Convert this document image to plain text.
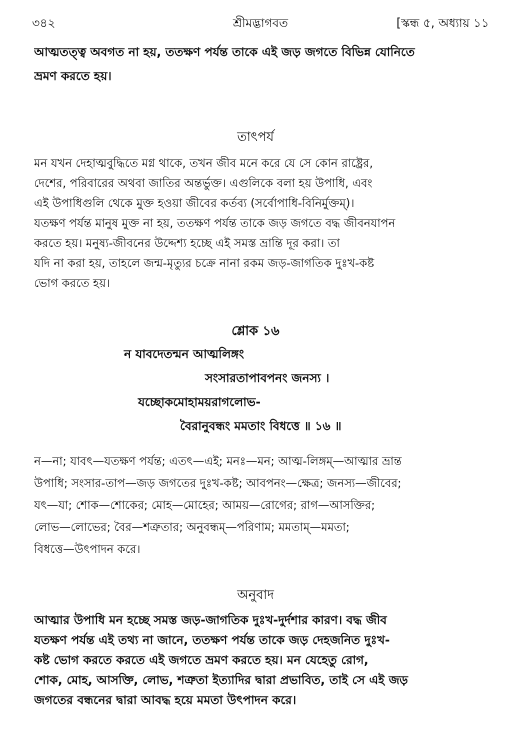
৩৪২	শ্রীমদ্ভাগবত	[স্কন্ধ ৫, অধ্যায় ১১
আত্মতত্ত্ব অবগত না হয়, ততক্ষণ পর্যন্ত তাকে এই জড় জগতে বিভিন্ন যোনিতে
ভ্রমণ করতে হয়।
তাৎপর্য
মন যখন দেহাত্মবুদ্ধিতে মগ্ন থাকে, তখন জীব মনে করে যে সে কোন রাষ্ট্রের,
দেশের, পরিবারের অথবা জাতির অন্তর্ভুক্ত। এগুলিকে বলা হয় উপাধি, এবং
এই উপাধিগুলি থেকে মুক্ত হওয়া জীবের কর্তব্য (সর্বোপাধি-বিনির্মুক্তম্)।
যতক্ষণ পর্যন্ত মানুষ মুক্ত না হয়, ততক্ষণ পর্যন্ত তাকে জড় জগতে বদ্ধ জীবনযাপন
করতে হয়। মনুষ্য-জীবনের উদ্দেশ্য হচ্ছে এই সমস্ত ভ্রান্তি দূর করা। তা
যদি না করা হয়, তাহলে জন্ম-মৃত্যুর চক্রে নানা রকম জড়-জাগতিক দুঃখ-কষ্ট
ভোগ করতে হয়।
শ্লোক ১৬
ন যাবদেতন্মন আত্মলিঙ্গং
সংসারতাপাবপনং জনস্য ।
যচ্ছোকমোহাময়রাগলোভ-
বৈরানুবন্ধং মমতাং বিধত্তে ॥ ১৬ ॥
ন—না; যাবৎ—যতক্ষণ পর্যন্ত; এতৎ—এই; মনঃ—মন; আত্ম-লিঙ্গম্—আত্মার ভ্রান্ত
উপাধি; সংসার-তাপ—জড় জগতের দুঃখ-কষ্ট; আবপনং—ক্ষেত্র; জনস্য—জীবের;
যৎ—যা; শোক—শোকের; মোহ—মোহের; আময়—রোগের; রাগ—আসক্তির;
লোভ—লোভের; বৈর—শত্রুতার; অনুবন্ধম্—পরিণাম; মমতাম্—মমতা;
বিধত্তে—উৎপাদন করে।
অনুবাদ
আত্মার উপাধি মন হচ্ছে সমস্ত জড়-জাগতিক দুঃখ-দুর্দশার কারণ। বদ্ধ জীব
যতক্ষণ পর্যন্ত এই তথ্য না জানে, ততক্ষণ পর্যন্ত তাকে জড় দেহজনিত দুঃখ-
কষ্ট ভোগ করতে করতে এই জগতে ভ্রমণ করতে হয়। মন যেহেতু রোগ,
শোক, মোহ, আসক্তি, লোভ, শত্রুতা ইত্যাদির দ্বারা প্রভাবিত, তাই সে এই জড়
জগতের বন্ধনের দ্বারা আবদ্ধ হয়ে মমতা উৎপাদন করে।
